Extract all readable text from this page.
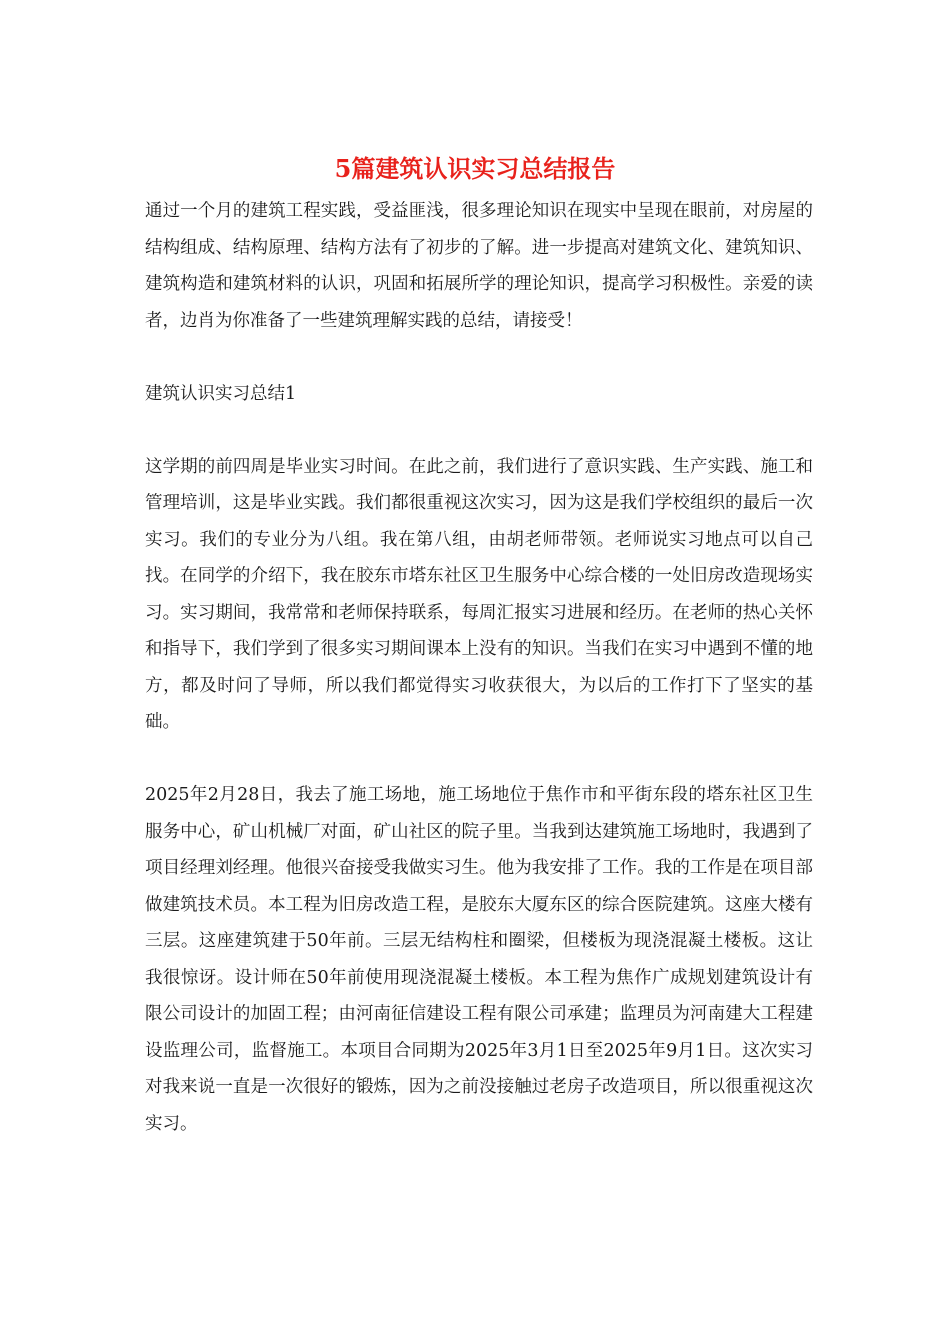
5篇建筑认识实习总结报告

通过一个月的建筑工程实践，受益匪浅，很多理论知识在现实中呈现在眼前，对房屋的结构组成、结构原理、结构方法有了初步的了解。进一步提高对建筑文化、建筑知识、建筑构造和建筑材料的认识，巩固和拓展所学的理论知识，提高学习积极性。亲爱的读者，边肖为你准备了一些建筑理解实践的总结，请接受！

建筑认识实习总结1

这学期的前四周是毕业实习时间。在此之前，我们进行了意识实践、生产实践、施工和管理培训，这是毕业实践。我们都很重视这次实习，因为这是我们学校组织的最后一次实习。我们的专业分为八组。我在第八组，由胡老师带领。老师说实习地点可以自己找。在同学的介绍下，我在胶东市塔东社区卫生服务中心综合楼的一处旧房改造现场实习。实习期间，我常常和老师保持联系，每周汇报实习进展和经历。在老师的热心关怀和指导下，我们学到了很多实习期间课本上没有的知识。当我们在实习中遇到不懂的地方，都及时问了导师，所以我们都觉得实习收获很大，为以后的工作打下了坚实的基础。

2025年2月28日，我去了施工场地，施工场地位于焦作市和平街东段的塔东社区卫生服务中心，矿山机械厂对面，矿山社区的院子里。当我到达建筑施工场地时，我遇到了项目经理刘经理。他很兴奋接受我做实习生。他为我安排了工作。我的工作是在项目部做建筑技术员。本工程为旧房改造工程，是胶东大厦东区的综合医院建筑。这座大楼有三层。这座建筑建于50年前。三层无结构柱和圈梁，但楼板为现浇混凝土楼板。这让我很惊讶。设计师在50年前使用现浇混凝土楼板。本工程为焦作广成规划建筑设计有限公司设计的加固工程；由河南征信建设工程有限公司承建；监理员为河南建大工程建设监理公司，监督施工。本项目合同期为2025年3月1日至2025年9月1日。这次实习对我来说一直是一次很好的锻炼，因为之前没接触过老房子改造项目，所以很重视这次实习。
